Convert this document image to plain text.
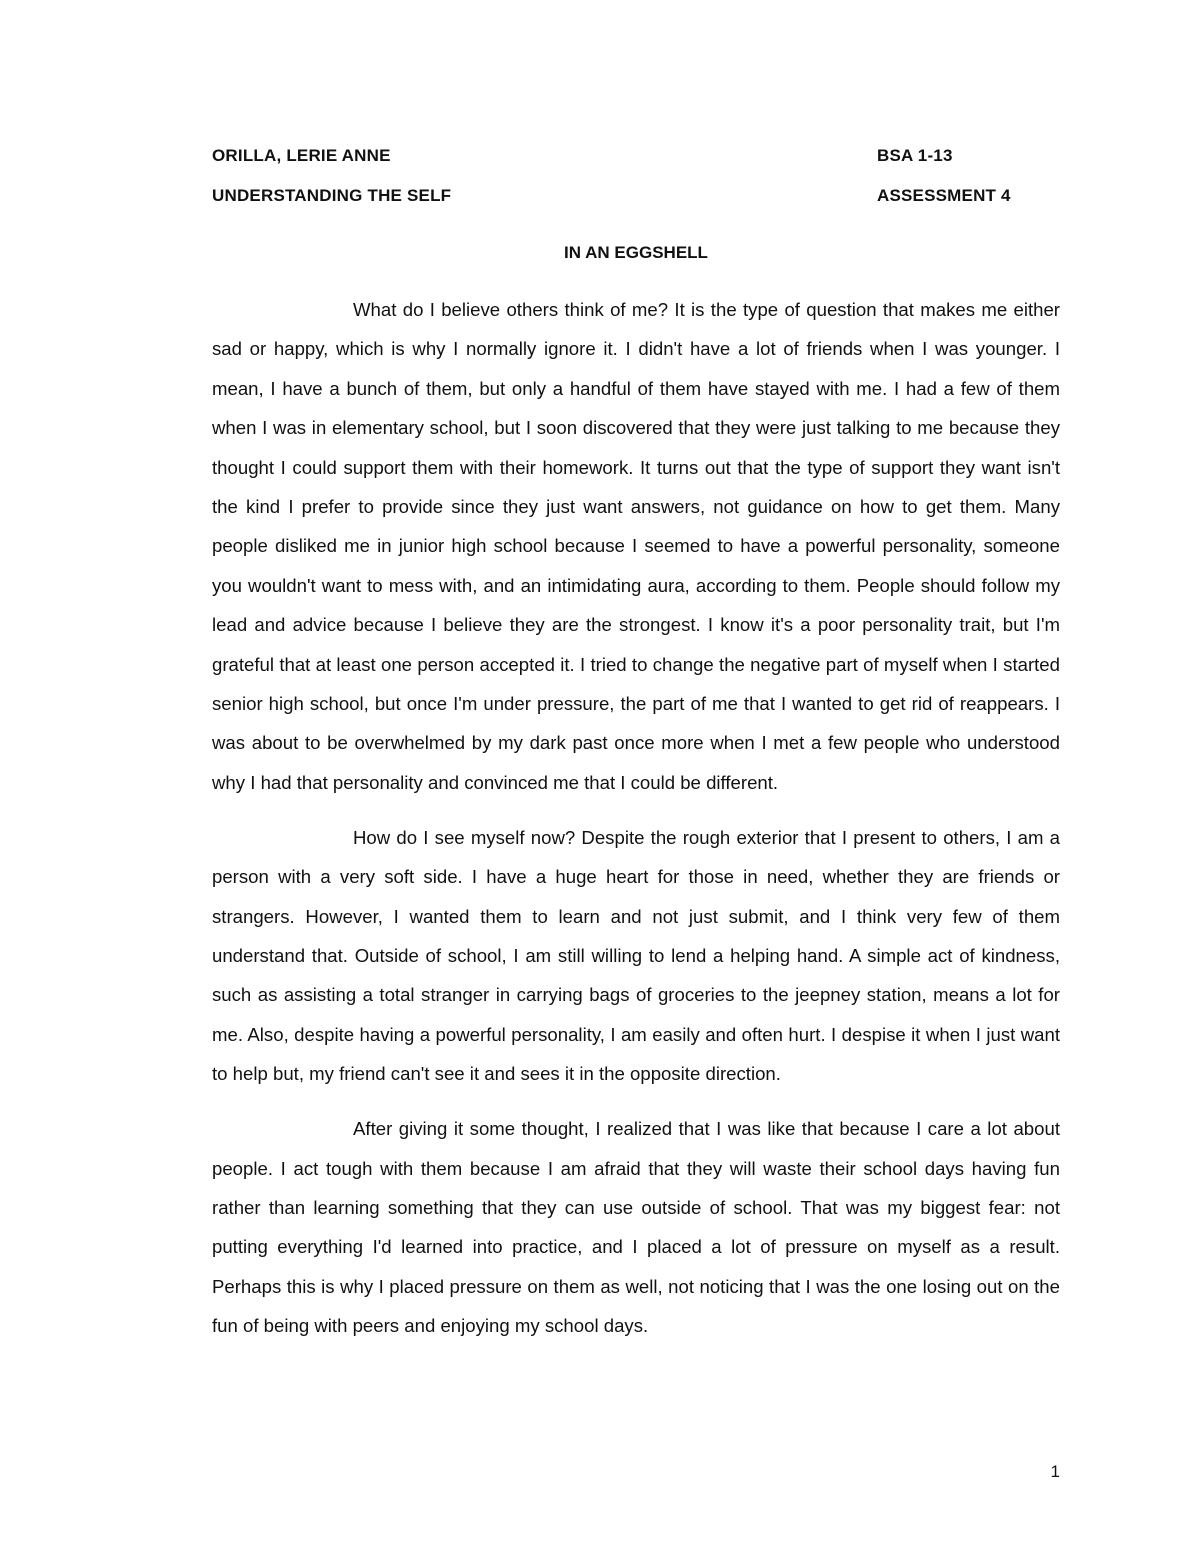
ORILLA, LERIE ANNE	BSA 1-13
UNDERSTANDING THE SELF	ASSESSMENT 4
IN AN EGGSHELL

What do I believe others think of me? It is the type of question that makes me either sad or happy, which is why I normally ignore it. I didn't have a lot of friends when I was younger. I mean, I have a bunch of them, but only a handful of them have stayed with me. I had a few of them when I was in elementary school, but I soon discovered that they were just talking to me because they thought I could support them with their homework. It turns out that the type of support they want isn't the kind I prefer to provide since they just want answers, not guidance on how to get them. Many people disliked me in junior high school because I seemed to have a powerful personality, someone you wouldn't want to mess with, and an intimidating aura, according to them. People should follow my lead and advice because I believe they are the strongest. I know it's a poor personality trait, but I'm grateful that at least one person accepted it. I tried to change the negative part of myself when I started senior high school, but once I'm under pressure, the part of me that I wanted to get rid of reappears. I was about to be overwhelmed by my dark past once more when I met a few people who understood why I had that personality and convinced me that I could be different.

How do I see myself now? Despite the rough exterior that I present to others, I am a person with a very soft side. I have a huge heart for those in need, whether they are friends or strangers. However, I wanted them to learn and not just submit, and I think very few of them understand that. Outside of school, I am still willing to lend a helping hand. A simple act of kindness, such as assisting a total stranger in carrying bags of groceries to the jeepney station, means a lot for me. Also, despite having a powerful personality, I am easily and often hurt. I despise it when I just want to help but, my friend can't see it and sees it in the opposite direction.

After giving it some thought, I realized that I was like that because I care a lot about people. I act tough with them because I am afraid that they will waste their school days having fun rather than learning something that they can use outside of school. That was my biggest fear: not putting everything I'd learned into practice, and I placed a lot of pressure on myself as a result. Perhaps this is why I placed pressure on them as well, not noticing that I was the one losing out on the fun of being with peers and enjoying my school days.

1
